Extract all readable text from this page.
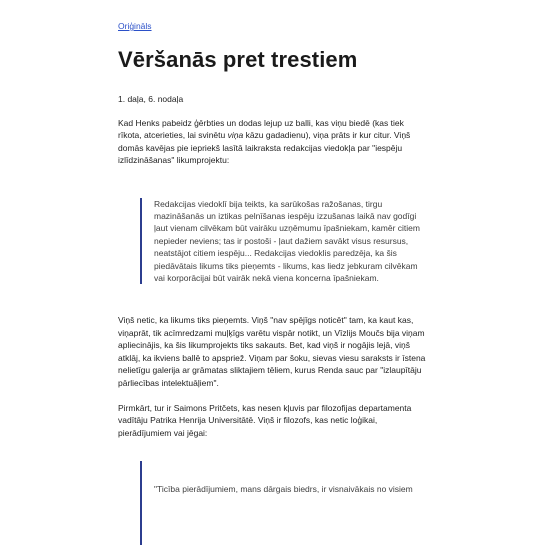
Oriģināls
Vēršanās pret trestiem
1. daļa, 6. nodaļa

Kad Henks pabeidz ģērbties un dodas lejup uz balli, kas viņu biedē (kas tiek rīkota, atcerieties, lai svinētu viņa kāzu gadadienu), viņa prāts ir kur citur. Viņš domās kavējas pie iepriekš lasītā laikraksta redakcijas viedokļa par "iespēju izlīdzināšanas" likumprojektu:

Redakcijas viedoklī bija teikts, ka sarūkošas ražošanas, tirgu mazināšanās un iztikas pelnīšanas iespēju izzušanas laikā nav godīgi ļaut vienam cilvēkam būt vairāku uzņēmumu īpašniekam, kamēr citiem nepieder neviens; tas ir postoši - ļaut dažiem savākt visus resursus, neatstājot citiem iespēju... Redakcijas viedoklis paredzēja, ka šis piedāvātais likums tiks pieņemts - likums, kas liedz jebkuram cilvēkam vai korporācijai būt vairāk nekā viena koncerna īpašniekam.

Viņš netic, ka likums tiks pieņemts. Viņš "nav spējīgs noticēt" tam, ka kaut kas, viņaprāt, tik acīmredzami muļķīgs varētu vispār notikt, un Vīzlijs Moučs bija viņam apliecinājis, ka šis likumprojekts tiks sakauts. Bet, kad viņš ir nogājis lejā, viņš atklāj, ka ikviens ballē to apspriež. Viņam par šoku, sievas viesu saraksts ir īstena nelietīgu galerija ar grāmatas sliktajiem tēliem, kurus Renda sauc par "izlaupītāju pārliecības intelektuāļiem".

Pirmkārt, tur ir Saimons Pritčets, kas nesen kļuvis par filozofijas departamenta vadītāju Patrika Henrija Universitātē. Viņš ir filozofs, kas netic loģikai, pierādījumiem vai jēgai:

"Ticība pierādījumiem, mans dārgais biedrs, ir visnaivākais no visiem
